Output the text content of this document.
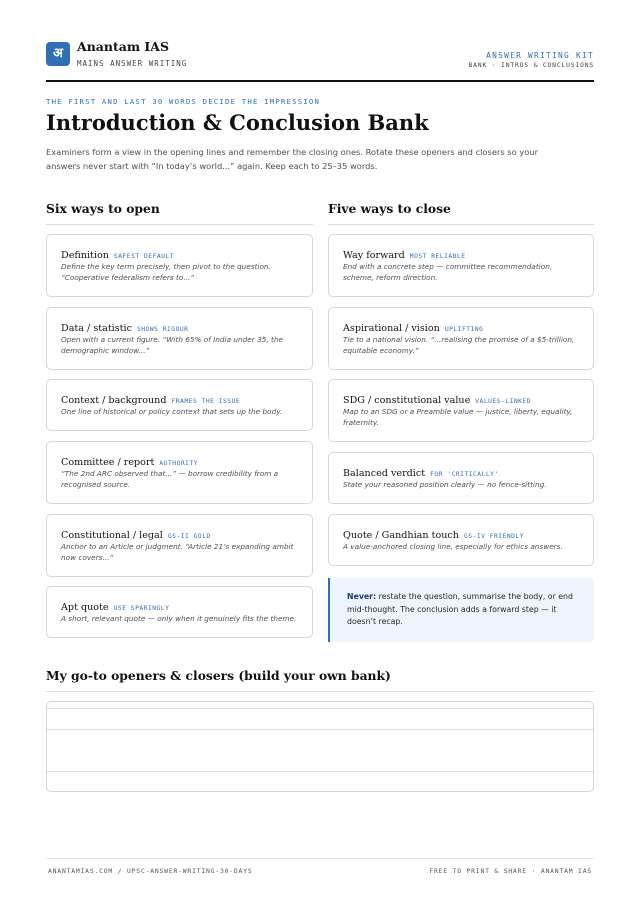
अ	Anantam IAS
MAINS ANSWER WRITING
ANSWER WRITING KIT
BANK · INTROS & CONCLUSIONS
THE FIRST AND LAST 30 WORDS DECIDE THE IMPRESSION
Introduction & Conclusion Bank

Examiners form a view in the opening lines and remember the closing ones. Rotate these openers and closers so your answers never start with “In today’s world...” again. Keep each to 25–35 words.

Six ways to open
Definition SAFEST DEFAULT
Define the key term precisely, then pivot to the question. “Cooperative federalism refers to...”
Data / statistic SHOWS RIGOUR
Open with a current figure. “With 65% of India under 35, the demographic window...”
Context / background FRAMES THE ISSUE
One line of historical or policy context that sets up the body.
Committee / report AUTHORITY
“The 2nd ARC observed that...” — borrow credibility from a recognised source.
Constitutional / legal GS-II GOLD
Anchor to an Article or judgment. “Article 21’s expanding ambit now covers...”
Apt quote USE SPARINGLY
A short, relevant quote — only when it genuinely fits the theme.
Five ways to close
Way forward MOST RELIABLE
End with a concrete step — committee recommendation, scheme, reform direction.
Aspirational / vision UPLIFTING
Tie to a national vision. “...realising the promise of a $5-trillion, equitable economy.”
SDG / constitutional value VALUES-LINKED
Map to an SDG or a Preamble value — justice, liberty, equality, fraternity.
Balanced verdict FOR 'CRITICALLY'
State your reasoned position clearly — no fence-sitting.
Quote / Gandhian touch GS-IV FRIENDLY
A value-anchored closing line, especially for ethics answers.
Never: restate the question, summarise the body, or end mid-thought. The conclusion adds a forward step — it doesn’t recap.
My go-to openers & closers (build your own bank)
ANANTAMIAS.COM / UPSC-ANSWER-WRITING-30-DAYS	FREE TO PRINT & SHARE · ANANTAM IAS
